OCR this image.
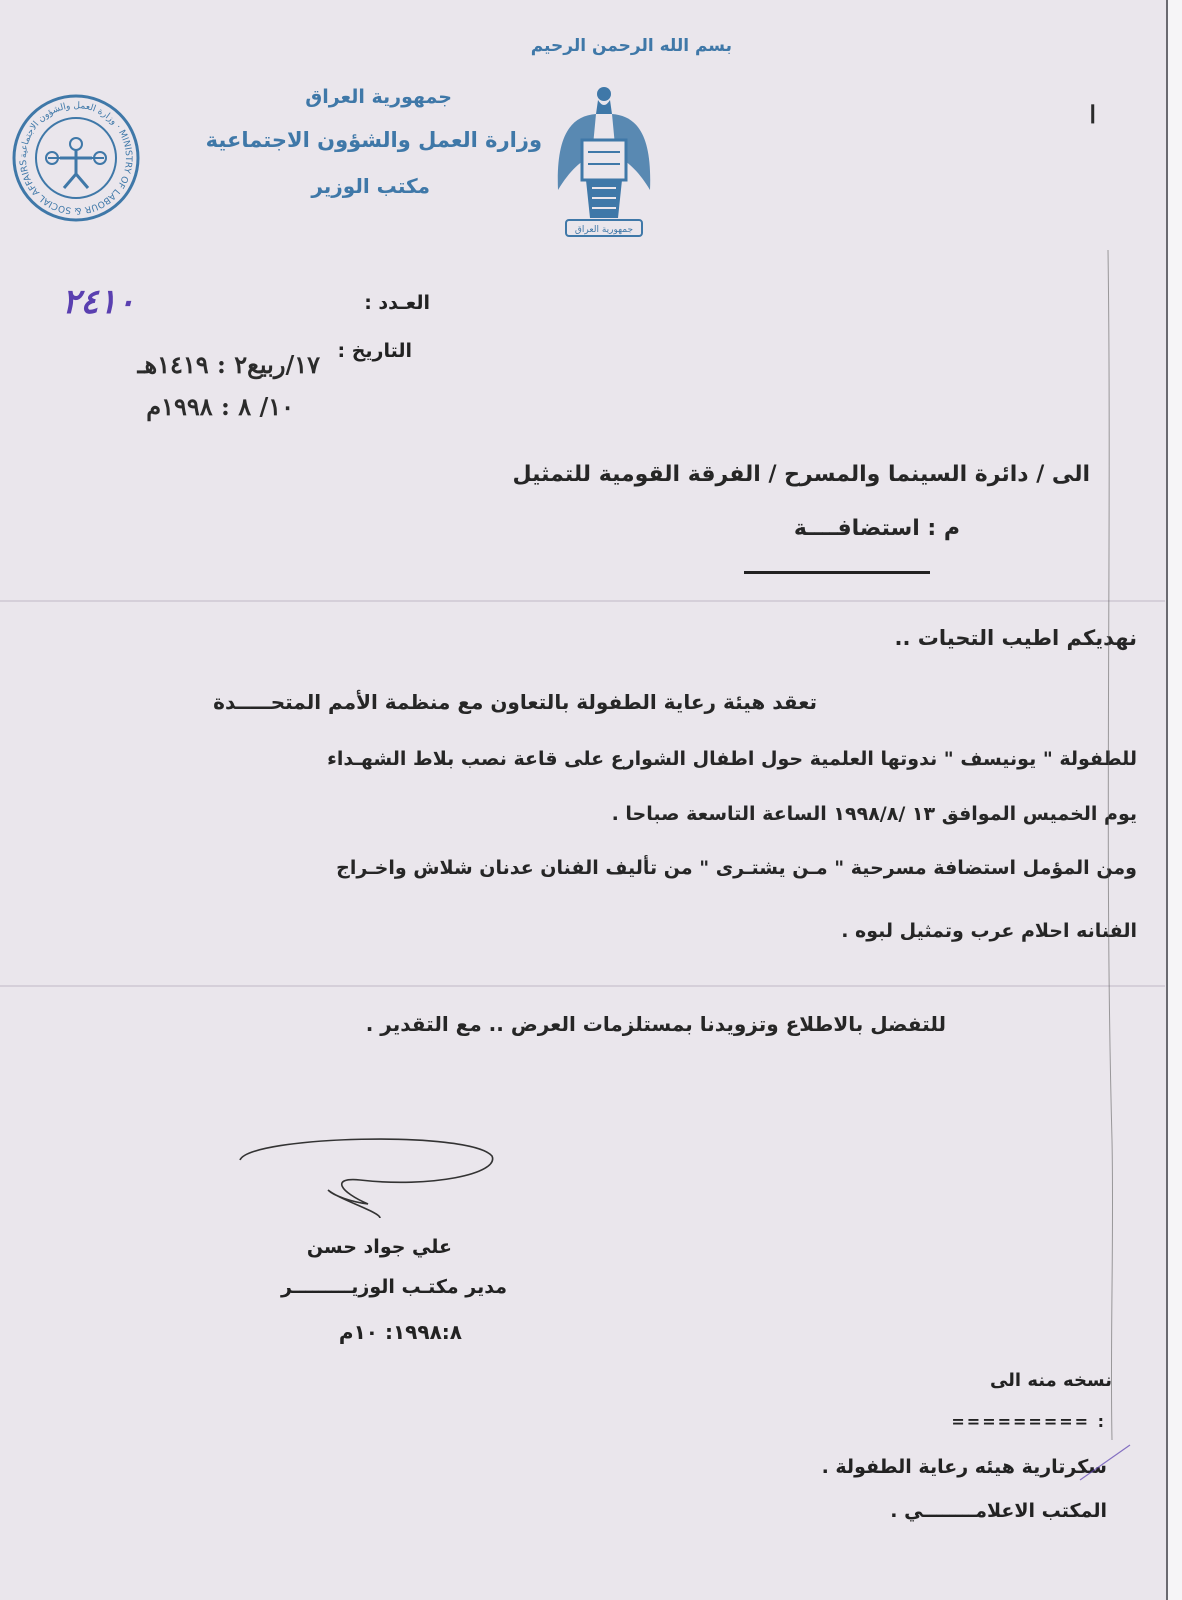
بسم الله الرحمن الرحيم
جمهورية العراق
وزارة العمل والشؤون الاجتماعية
مكتب الوزير
وزارة العمل والشؤون الاجتماعية · MINISTRY OF LABOUR & SOCIAL AFFAIRS
جمهورية العراق
ا
العـدد :
٢٤١٠
التاريخ :
١٧/ربيع٢ : ١٤١٩هـ
١٠/ ٨ : ١٩٩٨م
الى / دائرة السينما والمسرح / الفرقة القومية للتمثيل
م : استضافــــة
نهديكم اطيب التحيات ..
تعقد هيئة رعاية الطفولة بالتعاون مع منظمة الأمم المتحـــــدة
للطفولة " يونيسف " ندوتها العلمية حول اطفال الشوارع على قاعة نصب بلاط الشهـداء
يوم الخميس الموافق ١٣ /١٩٩٨/٨ الساعة التاسعة صباحا .
ومن المؤمل استضافة مسرحية " مـن يشتـرى " من تأليف الفنان عدنان شلاش واخـراج
الفنانه احلام عرب وتمثيل لبوه .
للتفضل بالاطلاع وتزويدنا بمستلزمات العرض .. مع التقدير .
علي جواد حسن
مدير مكتـب الوزيـــــــــر
١٩٩٨:٨: ١٠م
نسخه منه الى
: =========
سكرتارية هيئه رعاية الطفولة .
المكتب الاعلامــــــــي .
